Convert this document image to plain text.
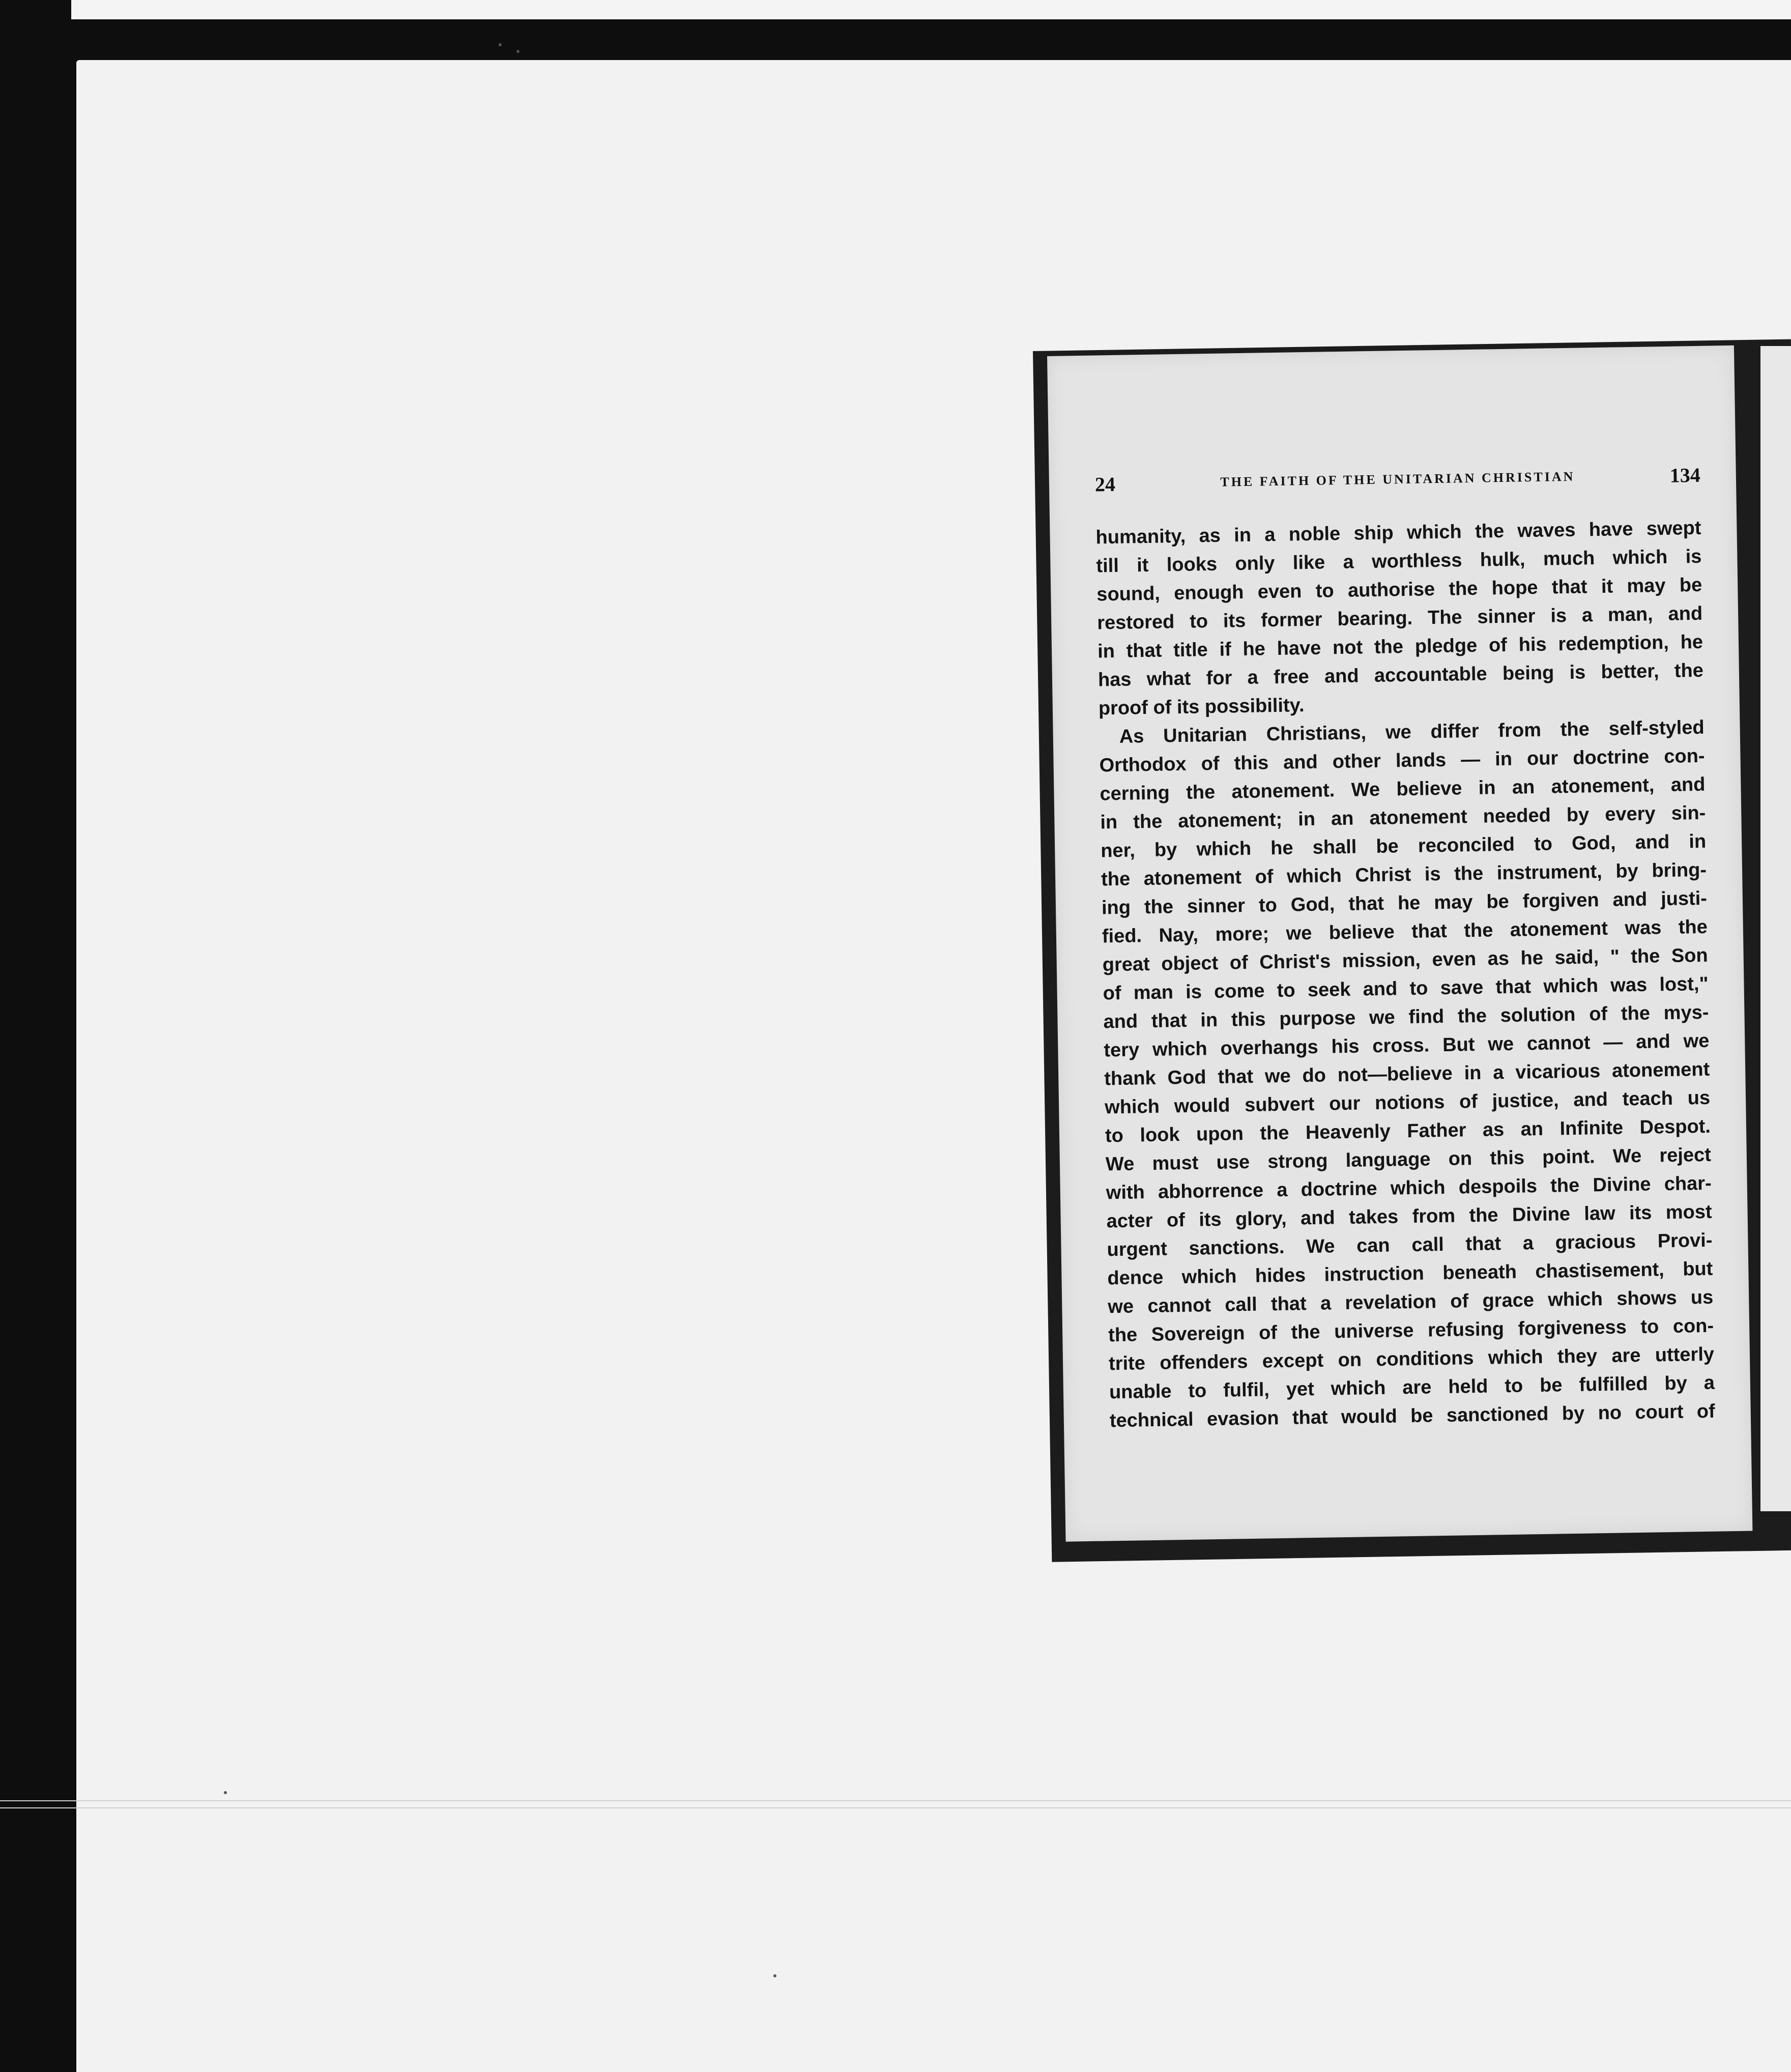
24	THE FAITH OF THE UNITARIAN CHRISTIAN	134
humanity, as in a noble ship which the waves have swept
till it looks only like a worthless hulk, much which is
sound, enough even to authorise the hope that it may be
restored to its former bearing. The sinner is a man, and
in that title if he have not the pledge of his redemption, he
has what for a free and accountable being is better, the
proof of its possibility.
As Unitarian Christians, we differ from the self-styled
Orthodox of this and other lands — in our doctrine con-
cerning the atonement. We believe in an atonement, and
in the atonement; in an atonement needed by every sin-
ner, by which he shall be reconciled to God, and in
the atonement of which Christ is the instrument, by bring-
ing the sinner to God, that he may be forgiven and justi-
fied. Nay, more; we believe that the atonement was the
great object of Christ's mission, even as he said, " the Son
of man is come to seek and to save that which was lost,"
and that in this purpose we find the solution of the mys-
tery which overhangs his cross. But we cannot — and we
thank God that we do not—believe in a vicarious atonement
which would subvert our notions of justice, and teach us
to look upon the Heavenly Father as an Infinite Despot.
We must use strong language on this point. We reject
with abhorrence a doctrine which despoils the Divine char-
acter of its glory, and takes from the Divine law its most
urgent sanctions. We can call that a gracious Provi-
dence which hides instruction beneath chastisement, but
we cannot call that a revelation of grace which shows us
the Sovereign of the universe refusing forgiveness to con-
trite offenders except on conditions which they are utterly
unable to fulfil, yet which are held to be fulfilled by a
technical evasion that would be sanctioned by no court of
